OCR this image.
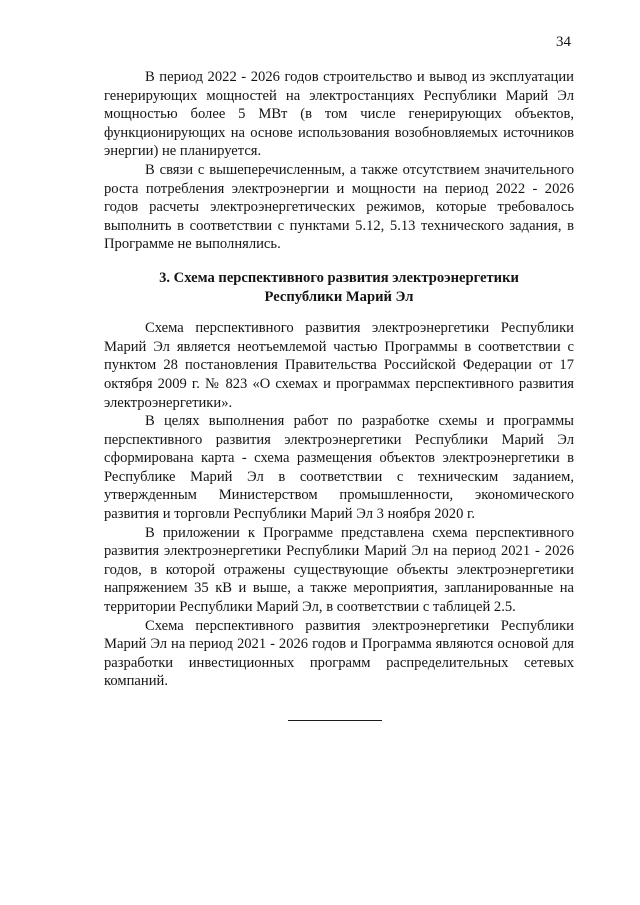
34

В период 2022 - 2026 годов строительство и вывод из эксплуатации генерирующих мощностей на электростанциях Республики Марий Эл мощностью более 5 МВт (в том числе генерирующих объектов, функционирующих на основе использования возобновляемых источников энергии) не планируется.

В связи с вышеперечисленным, а также отсутствием значительного роста потребления электроэнергии и мощности на период 2022 - 2026 годов расчеты электроэнергетических режимов, которые требовалось выполнить в соответствии с пунктами 5.12, 5.13 технического задания, в Программе не выполнялись.

3. Схема перспективного развития электроэнергетики
Республики Марий Эл

Схема перспективного развития электроэнергетики Республики Марий Эл является неотъемлемой частью Программы в соответствии с пунктом 28 постановления Правительства Российской Федерации от 17 октября 2009 г. № 823 «О схемах и программах перспективного развития электроэнергетики».

В целях выполнения работ по разработке схемы и программы перспективного развития электроэнергетики Республики Марий Эл сформирована карта - схема размещения объектов электроэнергетики в Республике Марий Эл в соответствии с техническим заданием, утвержденным Министерством промышленности, экономического развития и торговли Республики Марий Эл 3 ноября 2020 г.

В приложении к Программе представлена схема перспективного развития электроэнергетики Республики Марий Эл на период 2021 - 2026 годов, в которой отражены существующие объекты электроэнергетики напряжением 35 кВ и выше, а также мероприятия, запланированные на территории Республики Марий Эл, в соответствии с таблицей 2.5.

Схема перспективного развития электроэнергетики Республики Марий Эл на период 2021 - 2026 годов и Программа являются основой для разработки инвестиционных программ распределительных сетевых компаний.
